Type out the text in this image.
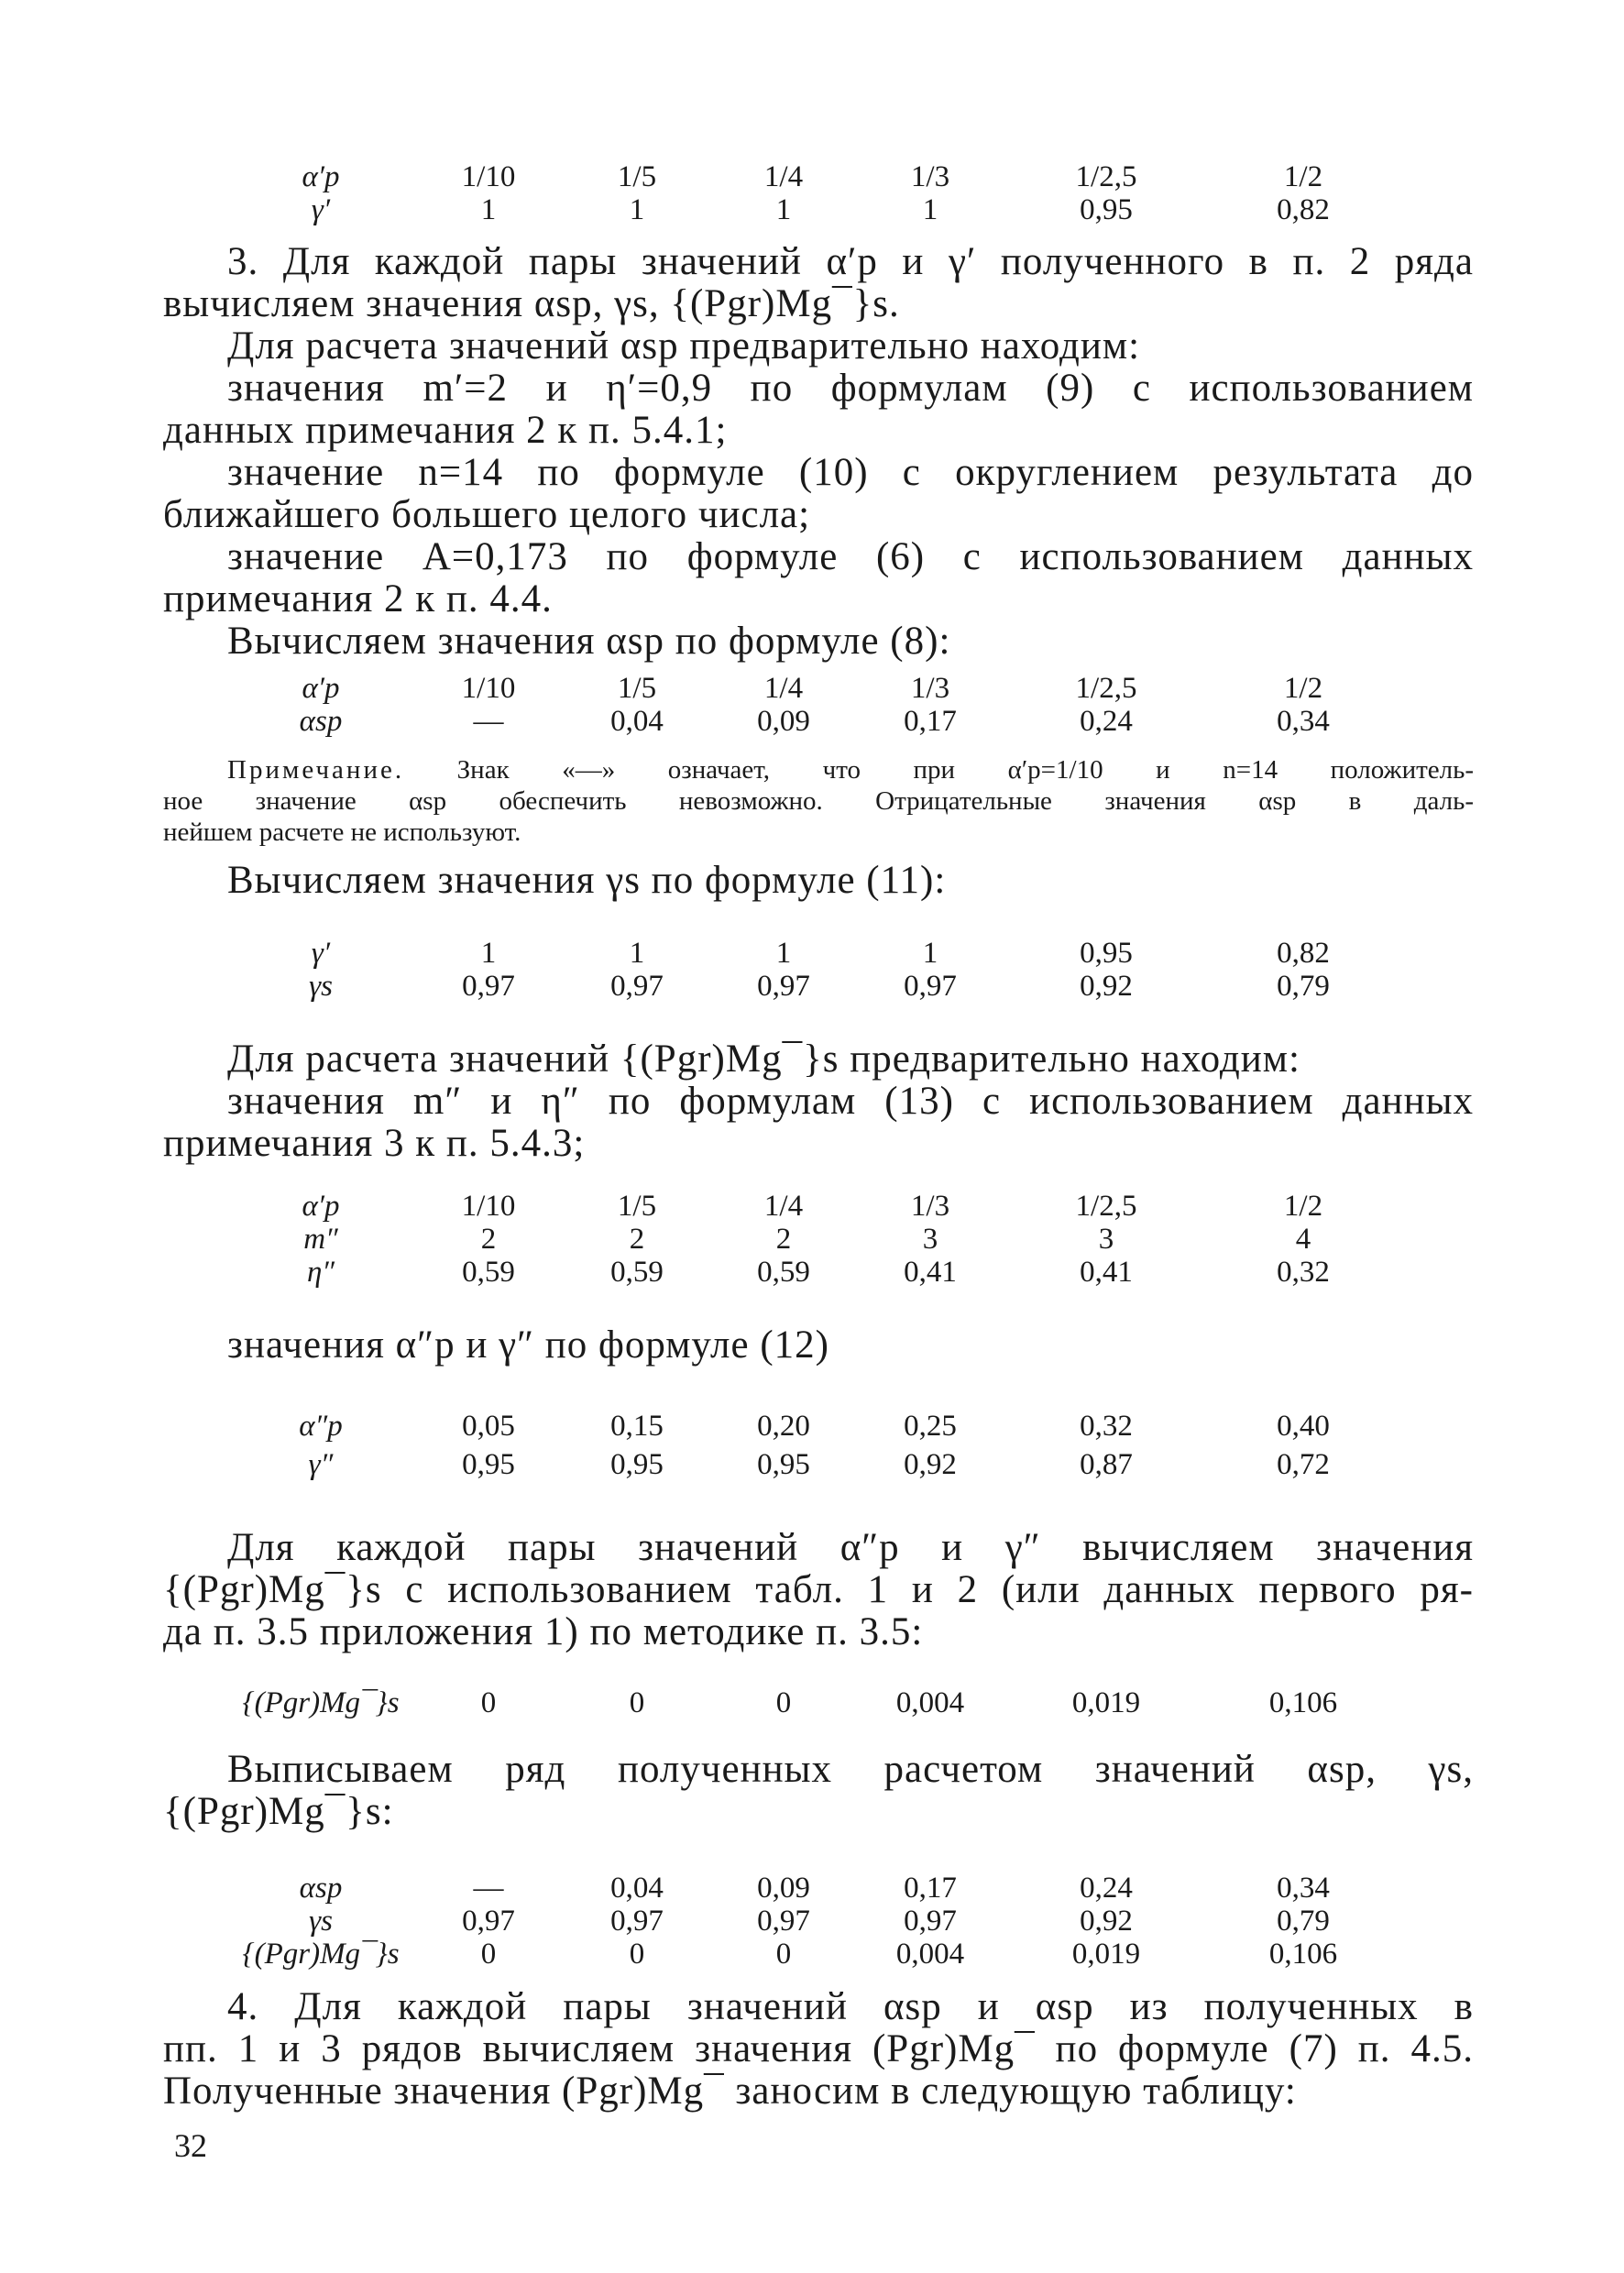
α′p	1/10	1/5	1/4	1/3	1/2,5	1/2
γ′	1	1	1	1	0,95	0,82

3. Для каждой пары значений α′p и γ′ полученного в п. 2 ряда

вычисляем значения αsp, γs, {(Pgr)Mg¯}s.

Для расчета значений αsp предварительно находим:

значения m′=2 и η′=0,9 по формулам (9) с использованием

данных примечания 2 к п. 5.4.1;

значение n=14 по формуле (10) с округлением результата до

ближайшего большего целого числа;

значение A=0,173 по формуле (6) с использованием данных

примечания 2 к п. 4.4.

Вычисляем значения αsp по формуле (8):

α′p	1/10	1/5	1/4	1/3	1/2,5	1/2
αsp	—	0,04	0,09	0,17	0,24	0,34

Примечание. Знак «—» означает, что при α′p=1/10 и n=14 положитель-

ное значение αsp обеспечить невозможно. Отрицательные значения αsp в даль-

нейшем расчете не используют.

Вычисляем значения γs по формуле (11):

γ′	1	1	1	1	0,95	0,82
γs	0,97	0,97	0,97	0,97	0,92	0,79

Для расчета значений {(Pgr)Mg¯}s предварительно находим:

значения m″ и η″ по формулам (13) с использованием данных

примечания 3 к п. 5.4.3;

α′p	1/10	1/5	1/4	1/3	1/2,5	1/2
m″	2	2	2	3	3	4
η″	0,59	0,59	0,59	0,41	0,41	0,32

значения α″p и γ″ по формуле (12)

α″p	0,05	0,15	0,20	0,25	0,32	0,40
γ″	0,95	0,95	0,95	0,92	0,87	0,72

Для каждой пары значений α″p и γ″ вычисляем значения

{(Pgr)Mg¯}s с использованием табл. 1 и 2 (или данных первого ря-

да п. 3.5 приложения 1) по методике п. 3.5:

{(Pgr)Mg¯}s	0	0	0	0,004	0,019	0,106

Выписываем ряд полученных расчетом значений αsp, γs,

{(Pgr)Mg¯}s:

αsp	—	0,04	0,09	0,17	0,24	0,34
γs	0,97	0,97	0,97	0,97	0,92	0,79
{(Pgr)Mg¯}s	0	0	0	0,004	0,019	0,106

4. Для каждой пары значений αsp и αsp из полученных в

пп. 1 и 3 рядов вычисляем значения (Pgr)Mg¯ по формуле (7) п. 4.5.

Полученные значения (Pgr)Mg¯ заносим в следующую таблицу:

32
